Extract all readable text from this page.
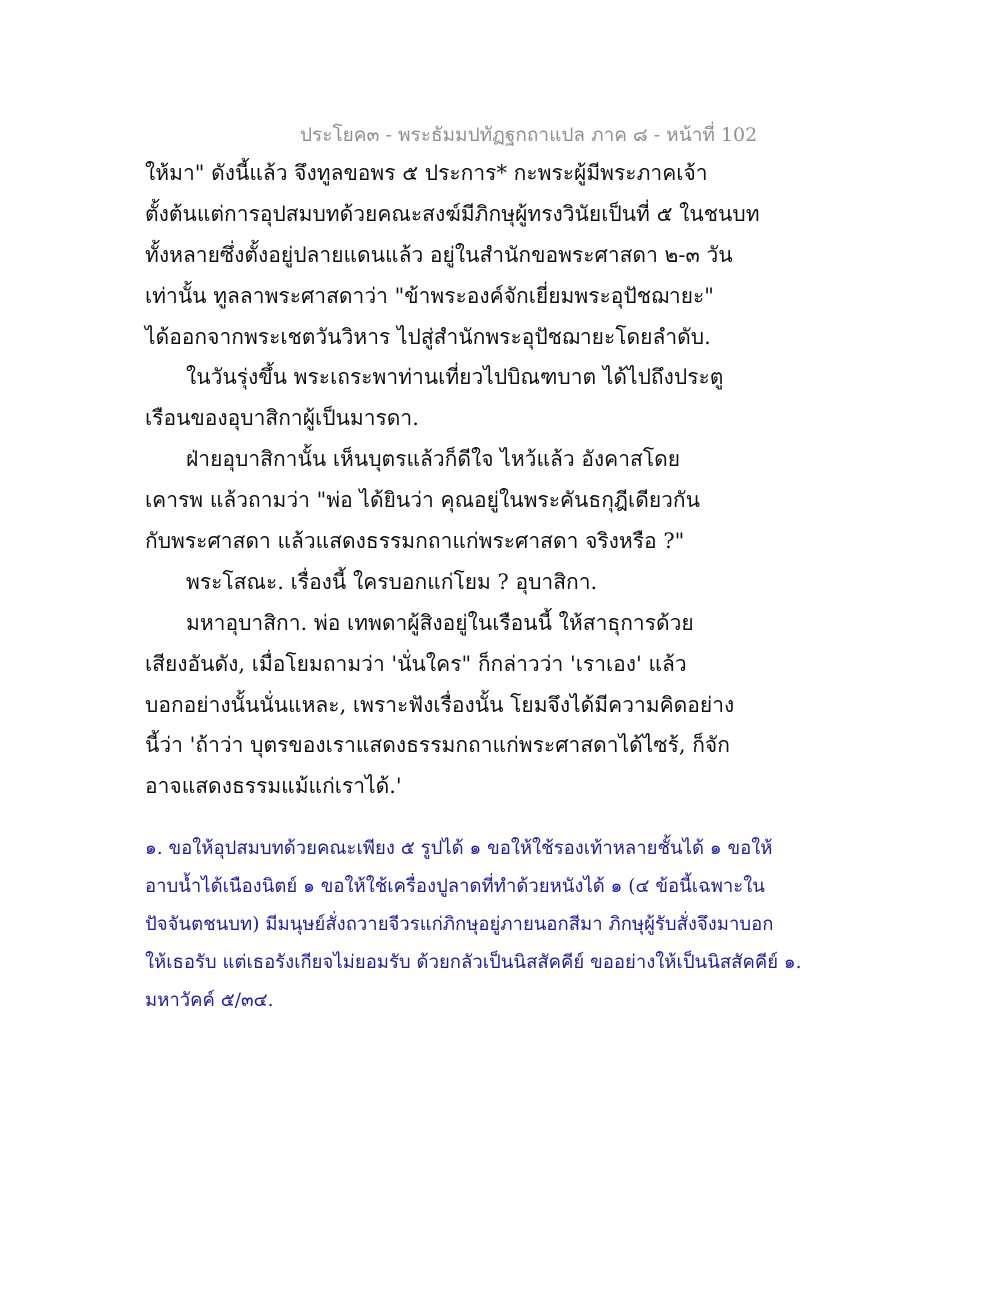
ประโยค๓ - พระธัมมปทัฏฐกถาแปล ภาค ๘ - หน้าที่ 102
ให้มา" ดังนี้แล้ว จึงทูลขอพร ๕ ประการ* กะพระผู้มีพระภาคเจ้า
ตั้งต้นแต่การอุปสมบทด้วยคณะสงฆ์มีภิกษุผู้ทรงวินัยเป็นที่ ๕ ในชนบท
ทั้งหลายซึ่งตั้งอยู่ปลายแดนแล้ว อยู่ในสำนักขอพระศาสดา ๒-๓ วัน
เท่านั้น ทูลลาพระศาสดาว่า "ข้าพระองค์จักเยี่ยมพระอุปัชฌายะ"
ได้ออกจากพระเชตวันวิหาร ไปสู่สำนักพระอุปัชฌายะโดยลำดับ.
ในวันรุ่งขึ้น พระเถระพาท่านเที่ยวไปบิณฑบาต ได้ไปถึงประตู
เรือนของอุบาสิกาผู้เป็นมารดา.
ฝ่ายอุบาสิกานั้น เห็นบุตรแล้วก็ดีใจ ไหว้แล้ว อังคาสโดย
เคารพ แล้วถามว่า "พ่อ ได้ยินว่า คุณอยู่ในพระคันธกุฎีเดียวกัน
กับพระศาสดา แล้วแสดงธรรมกถาแก่พระศาสดา จริงหรือ ?"
พระโสณะ. เรื่องนี้ ใครบอกแก่โยม ? อุบาสิกา.
มหาอุบาสิกา. พ่อ เทพดาผู้สิงอยู่ในเรือนนี้ ให้สาธุการด้วย
เสียงอันดัง, เมื่อโยมถามว่า 'นั่นใคร" ก็กล่าวว่า 'เราเอง' แล้ว
บอกอย่างนั้นนั่นแหละ, เพราะฟังเรื่องนั้น โยมจึงได้มีความคิดอย่าง
นี้ว่า 'ถ้าว่า บุตรของเราแสดงธรรมกถาแก่พระศาสดาได้ไซร้, ก็จัก
อาจแสดงธรรมแม้แก่เราได้.'
๑. ขอให้อุปสมบทด้วยคณะเพียง ๕ รูปได้ ๑ ขอให้ใช้รองเท้าหลายชั้นได้ ๑ ขอให้
อาบน้ำได้เนืองนิตย์ ๑ ขอให้ใช้เครื่องปูลาดที่ทำด้วยหนังได้ ๑ (๔ ข้อนี้เฉพาะใน
ปัจจันตชนบท) มีมนุษย์สั่งถวายจีวรแก่ภิกษุอยู่ภายนอกสีมา ภิกษุผู้รับสั่งจึงมาบอก
ให้เธอรับ แต่เธอรังเกียจไม่ยอมรับ ด้วยกลัวเป็นนิสสัคคีย์ ขออย่างให้เป็นนิสสัคคีย์ ๑.
มหาวัคค์ ๕/๓๔.
